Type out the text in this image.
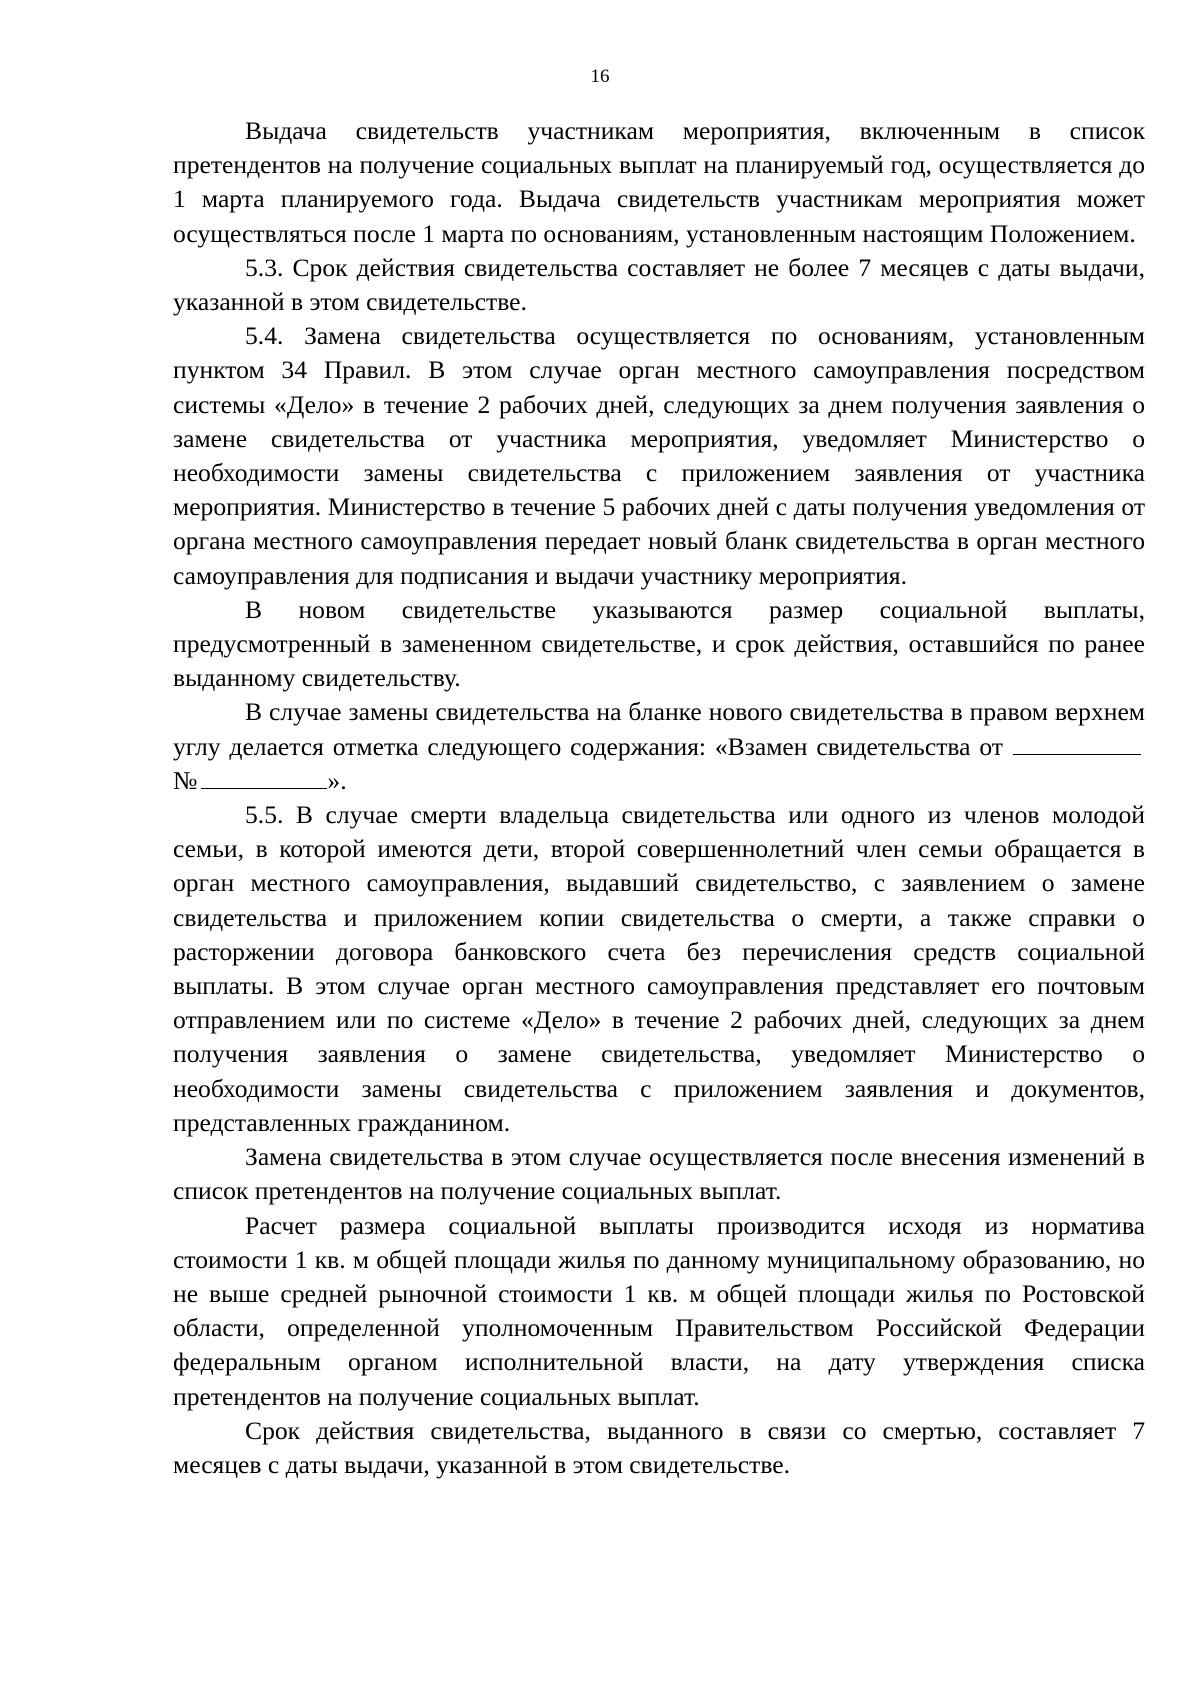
16

Выдача свидетельств участникам мероприятия, включенным в список претендентов на получение социальных выплат на планируемый год, осуществляется до 1 марта планируемого года. Выдача свидетельств участникам мероприятия может осуществляться после 1 марта по основаниям, установленным настоящим Положением.

5.3. Срок действия свидетельства составляет не более 7 месяцев с даты выдачи, указанной в этом свидетельстве.

5.4. Замена свидетельства осуществляется по основаниям, установленным пунктом 34 Правил. В этом случае орган местного самоуправления посредством системы «Дело» в течение 2 рабочих дней, следующих за днем получения заявления о замене свидетельства от участника мероприятия, уведомляет Министерство о необходимости замены свидетельства с приложением заявления от участника мероприятия. Министерство в течение 5 рабочих дней с даты получения уведомления от органа местного самоуправления передает новый бланк свидетельства в орган местного самоуправления для подписания и выдачи участнику мероприятия.

В новом свидетельстве указываются размер социальной выплаты, предусмотренный в замененном свидетельстве, и срок действия, оставшийся по ранее выданному свидетельству.

В случае замены свидетельства на бланке нового свидетельства в правом верхнем углу делается отметка следующего содержания: «Взамен свидетельства от№	».

5.5. В случае смерти владельца свидетельства или одного из членов молодой семьи, в которой имеются дети, второй совершеннолетний член семьи обращается в орган местного самоуправления, выдавший свидетельство, с заявлением о замене свидетельства и приложением копии свидетельства о смерти, а также справки о расторжении договора банковского счета без перечисления средств социальной выплаты. В этом случае орган местного самоуправления представляет его почтовым отправлением или по системе «Дело» в течение 2 рабочих дней, следующих за днем получения заявления о замене свидетельства, уведомляет Министерство о необходимости замены свидетельства с приложением заявления и документов, представленных гражданином.

Замена свидетельства в этом случае осуществляется после внесения изменений в список претендентов на получение социальных выплат.

Расчет размера социальной выплаты производится исходя из норматива стоимости 1 кв. м общей площади жилья по данному муниципальному образованию, но не выше средней рыночной стоимости 1 кв. м общей площади жилья по Ростовской области, определенной уполномоченным Правительством Российской Федерации федеральным органом исполнительной власти, на дату утверждения списка претендентов на получение социальных выплат.

Срок действия свидетельства, выданного в связи со смертью, составляет 7 месяцев с даты выдачи, указанной в этом свидетельстве.
